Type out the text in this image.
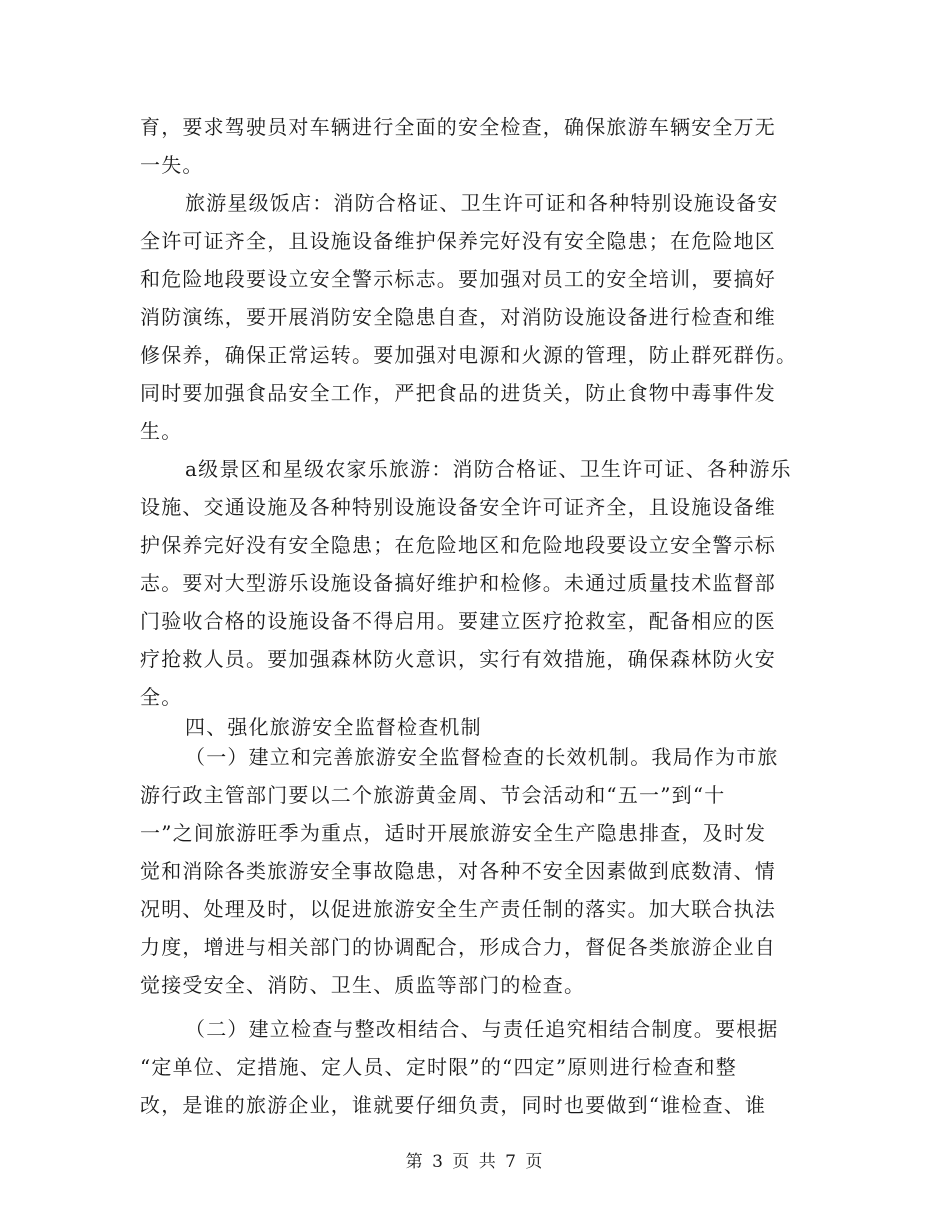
育，要求驾驶员对车辆进行全面的安全检查，确保旅游车辆安全万无
一失。
旅游星级饭店：消防合格证、卫生许可证和各种特别设施设备安
全许可证齐全，且设施设备维护保养完好没有安全隐患；在危险地区
和危险地段要设立安全警示标志。要加强对员工的安全培训，要搞好
消防演练，要开展消防安全隐患自查，对消防设施设备进行检查和维
修保养，确保正常运转。要加强对电源和火源的管理，防止群死群伤。
同时要加强食品安全工作，严把食品的进货关，防止食物中毒事件发
生。
a级景区和星级农家乐旅游：消防合格证、卫生许可证、各种游乐
设施、交通设施及各种特别设施设备安全许可证齐全，且设施设备维
护保养完好没有安全隐患；在危险地区和危险地段要设立安全警示标
志。要对大型游乐设施设备搞好维护和检修。未通过质量技术监督部
门验收合格的设施设备不得启用。要建立医疗抢救室，配备相应的医
疗抢救人员。要加强森林防火意识，实行有效措施，确保森林防火安
全。
四、强化旅游安全监督检查机制
（一）建立和完善旅游安全监督检查的长效机制。我局作为市旅
游行政主管部门要以二个旅游黄金周、节会活动和“五一”到“十
一”之间旅游旺季为重点，适时开展旅游安全生产隐患排查，及时发
觉和消除各类旅游安全事故隐患，对各种不安全因素做到底数清、情
况明、处理及时，以促进旅游安全生产责任制的落实。加大联合执法
力度，增进与相关部门的协调配合，形成合力，督促各类旅游企业自
觉接受安全、消防、卫生、质监等部门的检查。
（二）建立检查与整改相结合、与责任追究相结合制度。要根据
“定单位、定措施、定人员、定时限”的“四定”原则进行检查和整
改，是谁的旅游企业，谁就要仔细负责，同时也要做到“谁检查、谁
第 3 页 共 7 页
